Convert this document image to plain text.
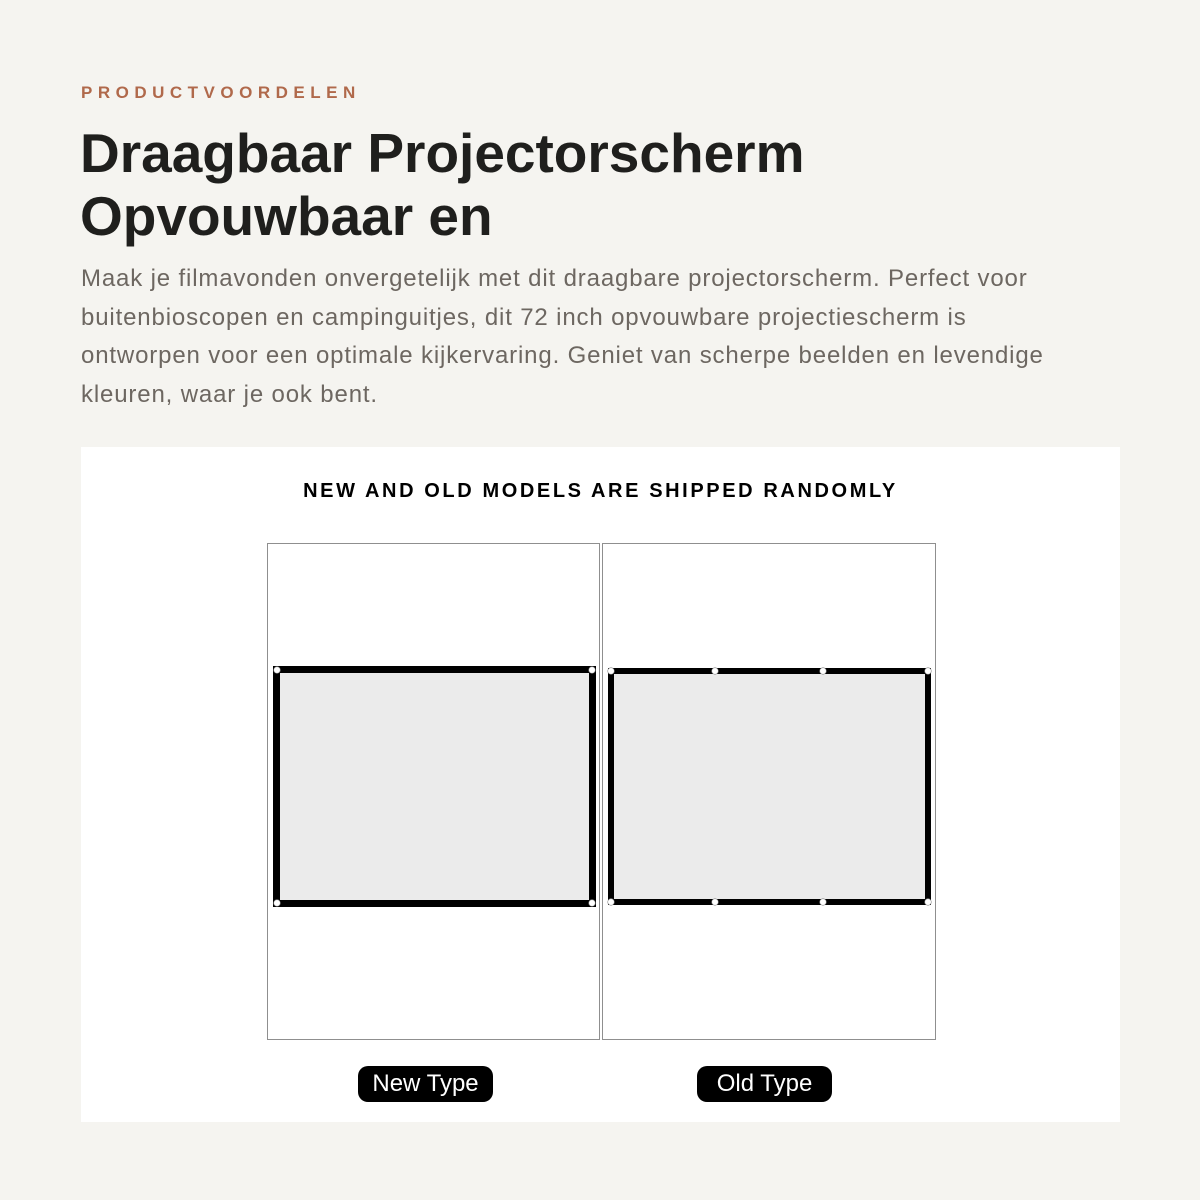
PRODUCTVOORDELEN
Draagbaar Projectorscherm
Opvouwbaar en

Maak je filmavonden onvergetelijk met dit draagbare projectorscherm. Perfect voor
buitenbioscopen en campinguitjes, dit 72 inch opvouwbare projectiescherm is
ontworpen voor een optimale kijkervaring. Geniet van scherpe beelden en levendige
kleuren, waar je ook bent.

NEW AND OLD MODELS ARE SHIPPED RANDOMLY
New Type	Old Type
